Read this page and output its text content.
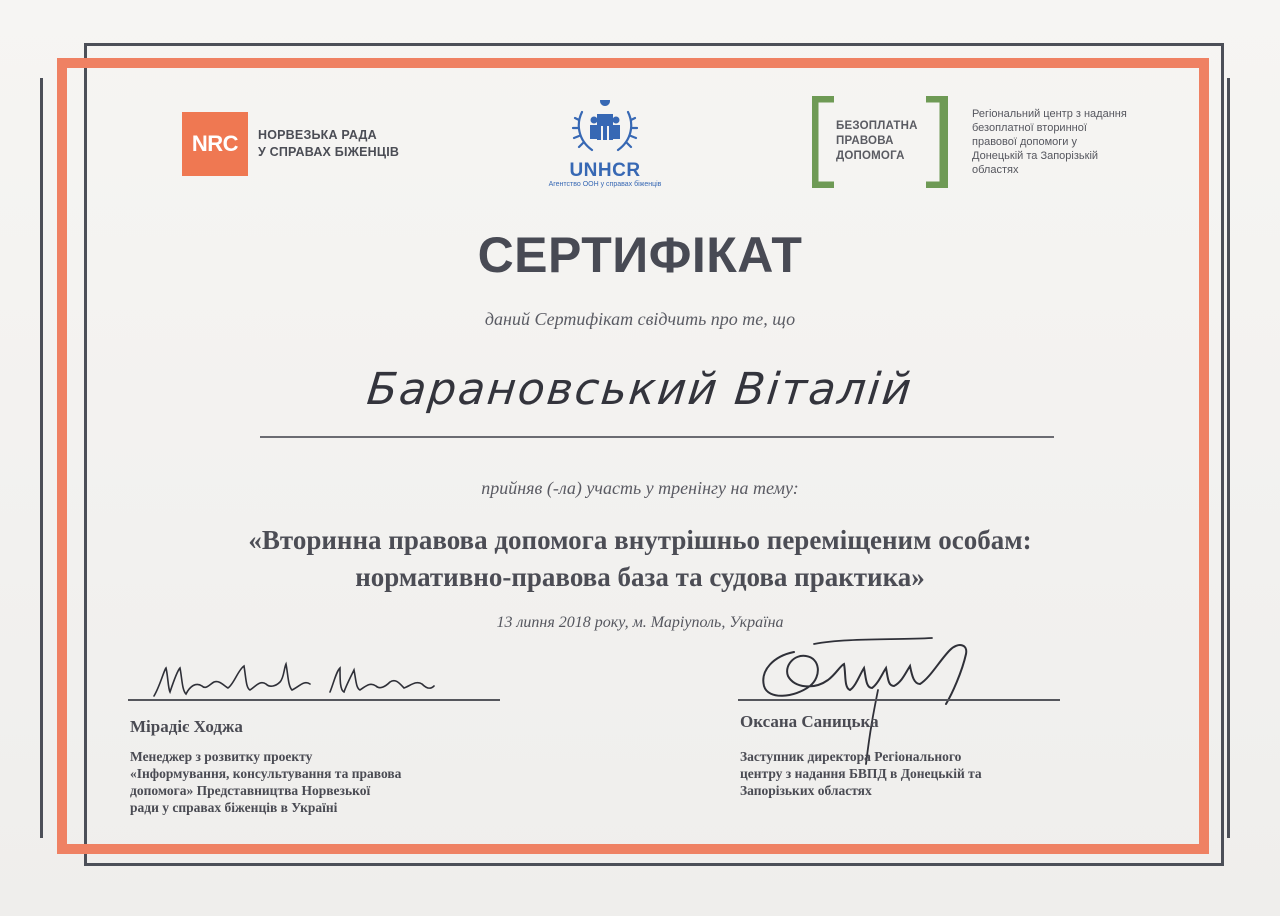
NRC	НОРВЕЗЬКА РАДА
У СПРАВАХ БІЖЕНЦІВ
UNHCR
Агентство ООН у справах біженців
БЕЗОПЛАТНА
ПРАВОВА
ДОПОМОГА
Регіональний центр з надання
безоплатної вторинної
правової допомоги у
Донецькій та Запорізькій
областях
СЕРТИФІКАТ
даний Сертифікат свідчить про те, що
Барановський Віталій
прийняв (-ла) участь у тренінгу на тему:
«Вторинна правова допомога внутрішньо переміщеним особам:
нормативно-правова база та судова практика»
13 липня 2018 року, м. Маріуполь, Україна
Мірадіє Ходжа
Менеджер з розвитку проекту
«Інформування, консультування та правова
допомога» Представництва Норвезької
ради у справах біженців в Україні
Оксана Саницька
Заступник директора Регіонального
центру з надання БВПД в Донецькій та
Запорізьких областях
